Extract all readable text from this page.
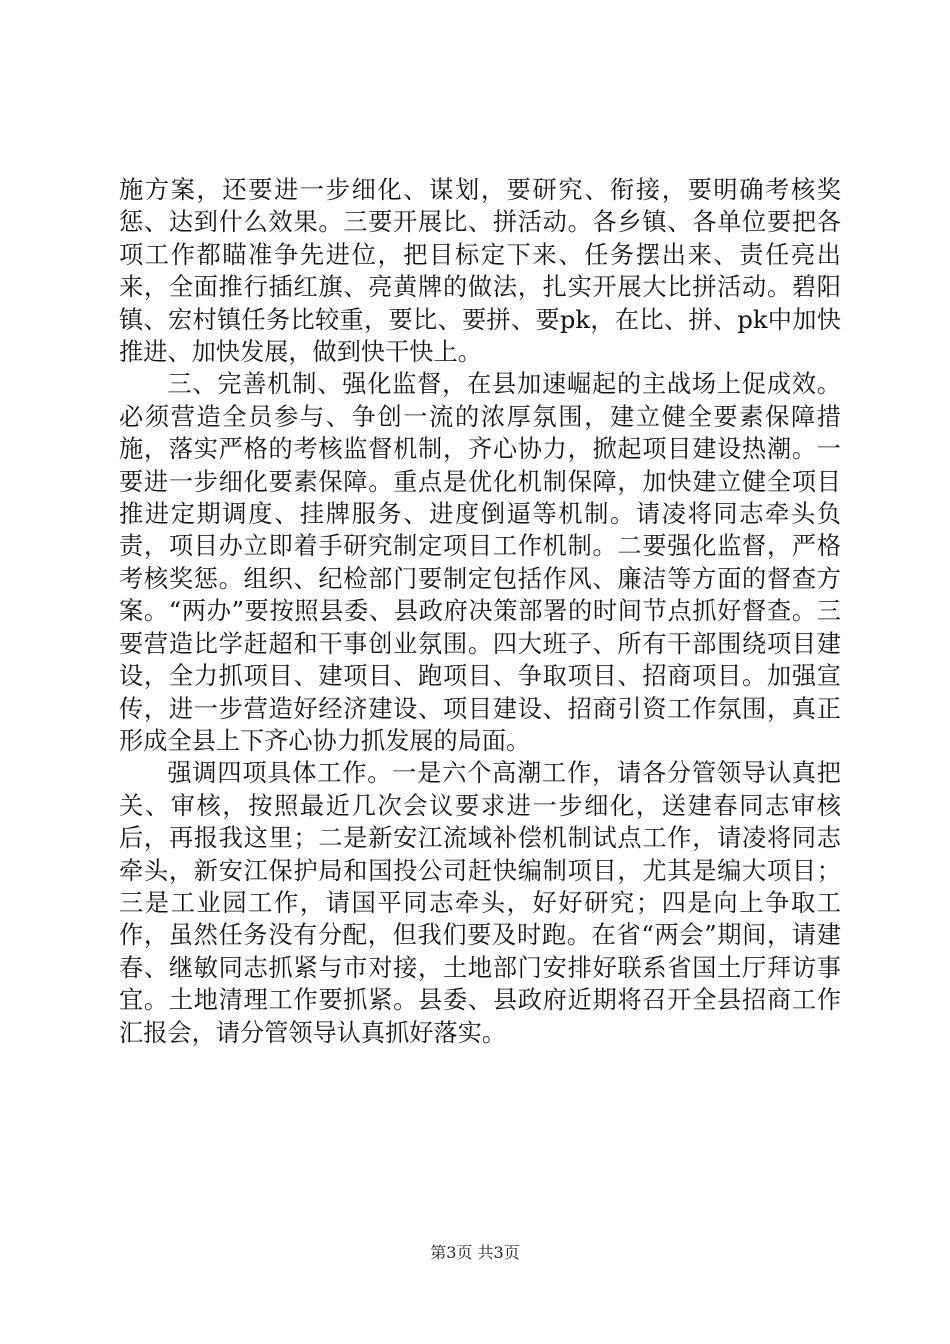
施方案，还要进一步细化、谋划，要研究、衔接，要明确考核奖惩、达到什么效果。三要开展比、拼活动。各乡镇、各单位要把各项工作都瞄准争先进位，把目标定下来、任务摆出来、责任亮出来，全面推行插红旗、亮黄牌的做法，扎实开展大比拼活动。碧阳镇、宏村镇任务比较重，要比、要拼、要pk，在比、拼、pk中加快推进、加快发展，做到快干快上。

三、完善机制、强化监督，在县加速崛起的主战场上促成效。必须营造全员参与、争创一流的浓厚氛围，建立健全要素保障措施，落实严格的考核监督机制，齐心协力，掀起项目建设热潮。一要进一步细化要素保障。重点是优化机制保障，加快建立健全项目推进定期调度、挂牌服务、进度倒逼等机制。请凌将同志牵头负责，项目办立即着手研究制定项目工作机制。二要强化监督，严格考核奖惩。组织、纪检部门要制定包括作风、廉洁等方面的督查方案。“两办”要按照县委、县政府决策部署的时间节点抓好督查。三要营造比学赶超和干事创业氛围。四大班子、所有干部围绕项目建设，全力抓项目、建项目、跑项目、争取项目、招商项目。加强宣传，进一步营造好经济建设、项目建设、招商引资工作氛围，真正形成全县上下齐心协力抓发展的局面。

强调四项具体工作。一是六个高潮工作，请各分管领导认真把关、审核，按照最近几次会议要求进一步细化，送建春同志审核后，再报我这里；二是新安江流域补偿机制试点工作，请凌将同志牵头，新安江保护局和国投公司赶快编制项目，尤其是编大项目；三是工业园工作，请国平同志牵头，好好研究；四是向上争取工作，虽然任务没有分配，但我们要及时跑。在省“两会”期间，请建春、继敏同志抓紧与市对接，土地部门安排好联系省国土厅拜访事宜。土地清理工作要抓紧。县委、县政府近期将召开全县招商工作汇报会，请分管领导认真抓好落实。

第3页 共3页
